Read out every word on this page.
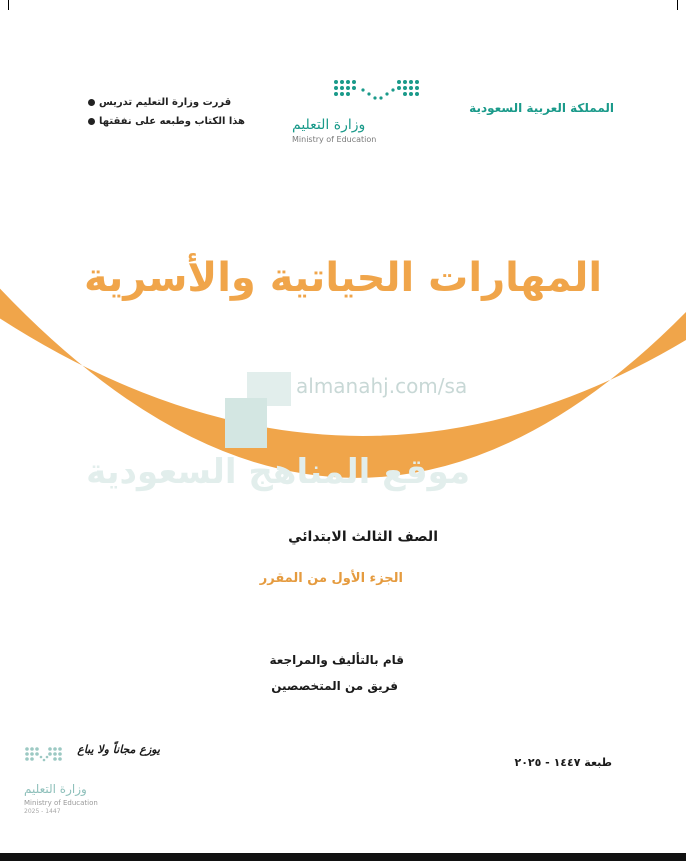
المملكة العربية السعودية
وزارة التعليم
Ministry of Education
قررت وزارة التعليم تدريس
هذا الكتاب وطبعه على نفقتها
almanahj.com/sa
موقع المناهج السعودية
المهارات الحياتية والأسرية
الصف الثالث الابتدائي
الجزء الأول من المقرر
قام بالتأليف والمراجعة
فريق من المتخصصين
طبعة ١٤٤٧ - ٢٠٢٥
يوزع مجاناً ولا يباع
وزارة التعليم
Ministry of Education
2025 - 1447
